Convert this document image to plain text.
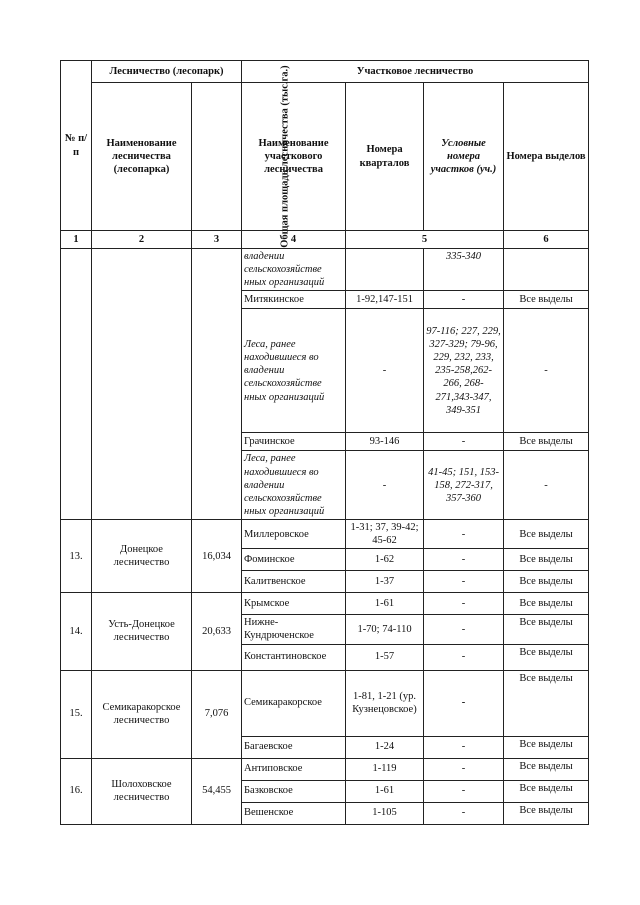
№ п/п	Лесничество (лесопарк)		Участковое лесничество			
	Наименование лесничества (лесопарка)	Общая площадь лесничества (тыс.га.)	Наименование участкового лесничества	Номера кварталов	Условные номера участков (уч.)	Номера выделов
1	2	3	4	5		6
			владении сельскохозяйстве нных организаций		335-340	
			Митякинское	1-92,147-151	-	Все выделы
			Леса, ранее находившиеся во владении сельскохозяйстве нных организаций	-	97-116; 227, 229, 327-329; 79-96, 229, 232, 233, 235-258,262-266, 268-271,343-347, 349-351	-
			Грачинское	93-146	-	Все выделы
			Леса, ранее находившиеся во владении сельскохозяйстве нных организаций	-	41-45; 151, 153-158, 272-317, 357-360	-
13.	Донецкое лесничество	16,034	Миллеровское	1-31; 37, 39-42; 45-62	-	Все выделы
			Фоминское	1-62	-	Все выделы
			Калитвенское	1-37	-	Все выделы
14.	Усть-Донецкое лесничество	20,633	Крымское	1-61	-	Все выделы
			Нижне-Кундрюченское	1-70; 74-110	-	Все выделы
			Константиновское	1-57	-	Все выделы
15.	Семикаракорское лесничество	7,076	Семикаракорское	1-81, 1-21 (ур. Кузнецовское)	-	Все выделы
			Багаевское	1-24	-	Все выделы
16.	Шолоховское лесничество	54,455	Антиповское	1-119	-	Все выделы
			Базковское	1-61	-	Все выделы
			Вешенское	1-105	-	Все выделы
